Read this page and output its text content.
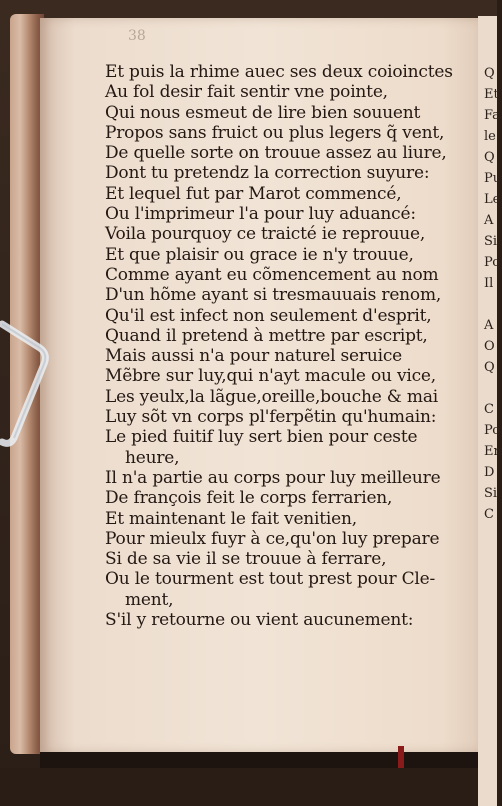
Q
Et
Fa
le
Q
Pu
Le
A
Si
Po
Il
A
O
Q
C
Po
En
D
Si
C
38
Et puis la rhime auec ses deux coioinctes
Au fol desir fait sentir vne pointe,
Qui nous esmeut de lire bien souuent
Propos sans fruict ou plus legers q̃ vent,
De quelle sorte on trouue assez au liure,
Dont tu pretendz la correction suyure:
Et lequel fut par Marot commencé,
Ou l'imprimeur l'a pour luy aduancé:
Voila pourquoy ce traicté ie reprouue,
Et que plaisir ou grace ie n'y trouue,
Comme ayant eu cõmencement au nom
D'un hõme ayant si tresmauuais renom,
Qu'il est infect non seulement d'esprit,
Quand il pretend à mettre par escript,
Mais aussi n'a pour naturel seruice
Mẽbre sur luy,qui n'ayt macule ou vice,
Les yeulx,la lãgue,oreille,bouche & mai
Luy sõt vn corps pl'ferpẽtin qu'humain:
Le pied fuitif luy sert bien pour ceste
heure,
Il n'a partie au corps pour luy meilleure
De françois feit le corps ferrarien,
Et maintenant le fait venitien,
Pour mieulx fuyr à ce,qu'on luy prepare
Si de sa vie il se trouue à ferrare,
Ou le tourment est tout prest pour Cle-
ment,
S'il y retourne ou vient aucunement:
